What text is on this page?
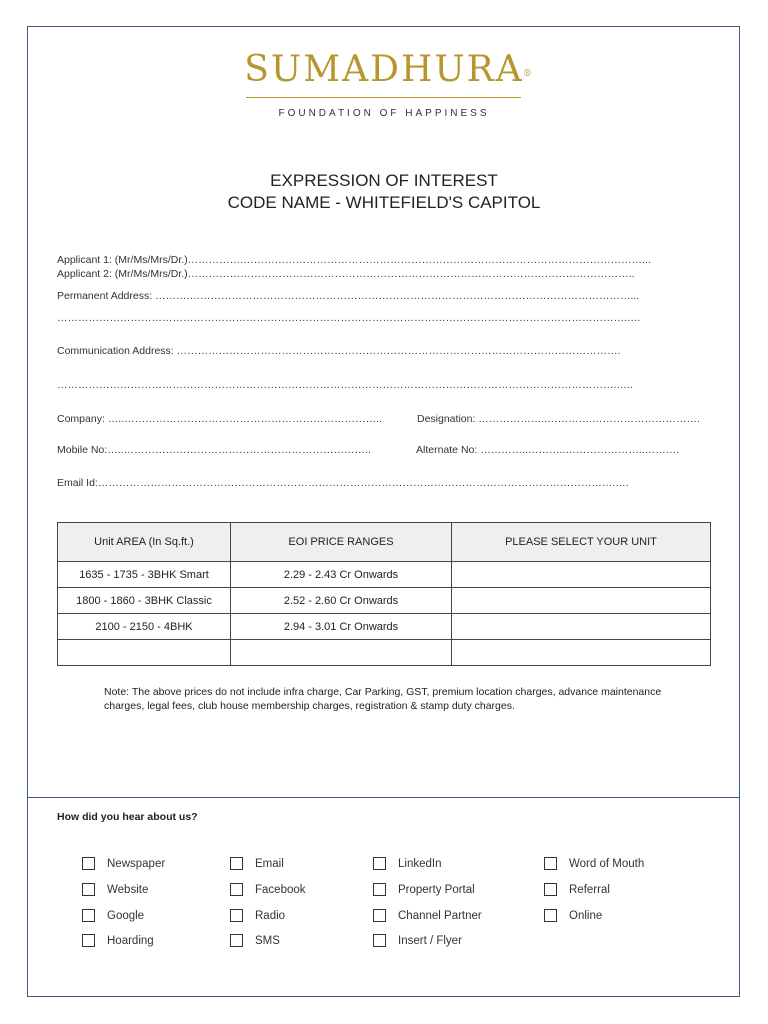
SUMADHURA ®
FOUNDATION OF HAPPINESS
EXPRESSION OF INTEREST
CODE NAME - WHITEFIELD'S CAPITOL
Applicant 1: (Mr/Ms/Mrs/Dr.)…………….……………………………………………………………………………………………………...
Applicant 2: (Mr/Ms/Mrs/Dr.)………………………………………………………………………………………………………………..
Permanent Address: ……….………………………………………………………………………………………………………………...
……………………………………………………………………………………………………………………………………………….….
Communication Address: ……………………………………………………………………………………………………………….
…………………………………………………………………………………………………………………………………………….…..
Company: …..………………………………………………………………..	Designation: ………………..………….………………………….
Mobile No:…..……………………………………………………………..	Alternate No: …………..………..…………………..……….
Email Id:………………………………………………………………………………………………………………………………….….
Unit AREA (In Sq.ft.)	EOI PRICE RANGES	PLEASE SELECT YOUR UNIT
1635 - 1735 - 3BHK Smart	2.29 - 2.43 Cr Onwards	
1800 - 1860 - 3BHK Classic	2.52 - 2.60 Cr Onwards	
2100 - 2150 - 4BHK	2.94 - 3.01 Cr Onwards	

Note: The above prices do not include infra charge, Car Parking, GST, premium location charges, advance maintenance charges, legal fees, club house membership charges, registration & stamp duty charges.
How did you hear about us?
Newspaper
Website
Google
Hoarding
Email
Facebook
Radio
SMS
LinkedIn
Property Portal
Channel Partner
Insert / Flyer
Word of Mouth
Referral
Online
